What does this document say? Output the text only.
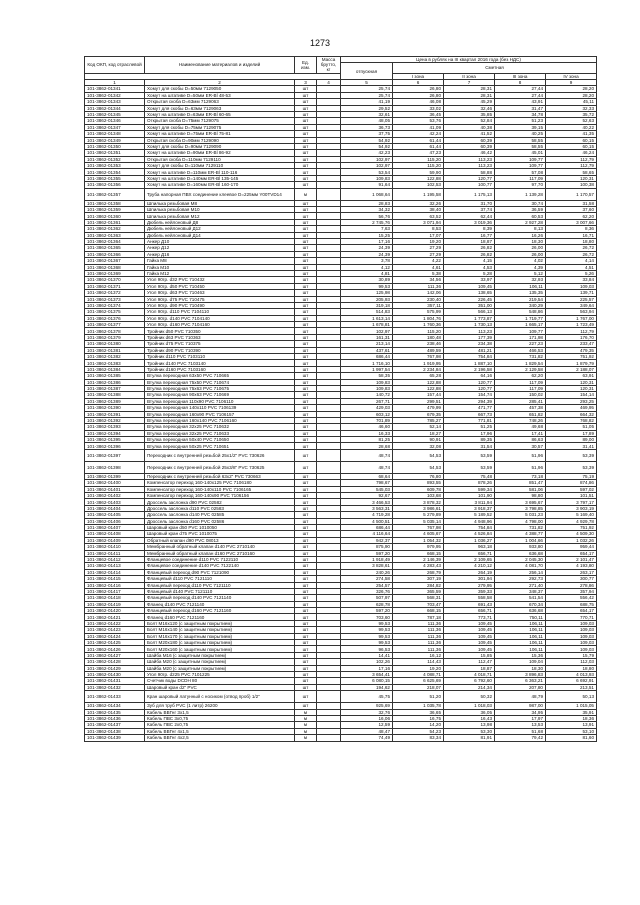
1273
Код ОКП, код отраслевой	Наименование материалов и изделий	Ед. изм.	Масса брутто, кг	Цена в рублях на III квартал 2016 года (без НДС)				
				отпускная	Сметная			
					I зона	II зона	III зона	IV зона
1	2	3	4	5	6	7	8	9
101-3862-01341	Хомут для скобы D=50мм 7129050	шт		25,74	26,80	28,31	27,44	28,20
101-3862-01342	Хомут на штативе D=50мм ER-Bl 48-53	шт		25,74	26,80	28,31	27,44	28,20
101-3862-01343	Открытая скоба D=63мм 7129063	шт		41,19	46,08	45,29	43,91	45,11
101-3862-01344	Хомут для скобы D=63мм 7129063	шт		29,52	33,02	32,46	31,47	32,33
101-3862-01345	Хомут на штативе D=63мм ER-Bl 60-65	шт		32,61	36,45	35,85	34,78	35,72
101-3862-01346	Открытая скоба D=75мм 7129075	шт		48,05	53,76	52,84	51,23	52,63
101-3862-01347	Хомут для скобы D=75мм 7129075	шт		36,73	41,09	40,38	39,15	40,22
101-3862-01348	Хомут на штативе D=75мм ER-Bl 75-81	шт		37,75	42,24	41,52	40,25	41,35
101-3862-01349	Открытая скоба D=90мм 7129090	шт		54,92	61,44	60,39	58,55	60,15
101-3862-01350	Хомут для скобы D=90мм 7129090	шт		54,92	61,44	60,39	58,55	60,15
101-3862-01351	Хомут на штативе D=90мм ER-Bl 86-92	шт		42,23	47,23	46,42	45,01	46,24
101-3862-01352	Открытая скоба D=110мм 7129110	шт		102,97	115,20	113,23	109,77	112,79
101-3862-01353	Хомут для скобы D=110мм 7129110	шт		102,97	115,20	113,23	109,77	112,79
101-3862-01354	Хомут на штативе D=110мм ER-Bl 110-116	шт		53,54	59,90	58,88	57,08	58,65
101-3862-01355	Хомут на штативе D=140мм ER-Bl 135-145	шт		109,83	122,88	120,77	117,09	120,31
101-3862-01356	Хомут на штативе D=160мм ER-Bl 160-170	шт		91,64	102,53	100,77	97,70	100,38
101-3862-01357	Труба напорная ПВХ соединение клеевое D=225мм Y00TVD14	м		1 068,64	1 195,58	1 175,13	1 139,28	1 170,57
101-3862-01358	Шпилька резьбовая М8	шт		28,83	32,26	31,70	30,74	31,58
101-3862-01359	Шпилька резьбовая М10	шт		34,32	38,40	37,74	36,59	37,60
101-3862-01360	Шпилька резьбовая М12	шт		56,76	63,52	62,44	60,53	62,20
101-3862-01361	Дюбель нейлоновый Д8	шт		2 745,76	3 071,94	3 019,36	2 927,28	3 007,66
101-3862-01362	Дюбель нейлоновый Д12	шт		7,63	8,53	8,39	8,13	8,36
101-3862-01363	Дюбель нейлоновый Д14	шт		15,25	17,07	16,77	16,26	16,71
101-3862-01364	Анкер Д10	шт		17,16	19,20	18,87	18,30	18,80
101-3862-01365	Анкер Д12	шт		24,39	27,29	26,82	26,00	26,72
101-3862-01366	Анкер Д16	шт		24,39	27,29	26,82	26,00	26,72
101-3862-01367	Гайка М8	шт		3,78	4,22	4,15	4,02	4,14
101-3862-01368	Гайка М10	шт		4,12	4,61	4,53	4,39	4,51
101-3862-01369	Гайка М12	шт		4,81	5,38	5,28	5,12	5,26
101-3862-01370	Угол 90гр. d32 PVC 710432	шт		30,89	34,56	33,97	32,93	33,84
101-3862-01371	Угол 90гр. d50 PVC 710450	шт		99,53	111,36	109,45	106,11	109,03
101-3862-01372	Угол 90гр. d63 PVC 710463	шт		125,98	142,06	138,65	135,35	139,71
101-3862-01373	Угол 90гр. d75 PVC 710475	шт		205,93	230,40	226,45	219,54	225,57
101-3862-01374	Угол 90гр. d90 PVC 710490	шт		319,18	357,11	351,00	340,29	349,64
101-3862-01375	Угол 90гр. d110 PVC 7104110	шт		514,83	575,99	566,13	548,86	563,94
101-3862-01376	Угол 90гр. d140 PVC 7104140	шт		1 613,14	1 804,76	1 773,87	1 719,77	1 767,00
101-3862-01377	Угол 90гр. d160 PVC 7104160	шт		1 678,81	1 760,36	1 730,13	1 665,17	1 723,49
101-3862-01378	Тройник d50 PVC 710350	шт		102,97	115,20	113,23	109,77	112,79
101-3862-01379	Тройник d63 PVC 710363	шт		161,31	180,48	177,39	171,98	176,70
101-3862-01380	Тройник d75 PVC 710375	шт		213,14	238,46	234,38	227,23	233,47
101-3862-01381	Тройник d90 PVC 710390	шт		437,61	489,59	481,21	466,53	479,35
101-3862-01382	Тройник d110 PVC 7103110	шт		686,44	767,98	754,84	731,82	751,92
101-3862-01383	Тройник d140 PVC 7103140	шт		1 716,10	1 919,95	1 887,10	1 829,54	1 879,79
101-3862-01384	Тройник d160 PVC 7103160	шт		1 997,54	2 234,84	2 196,58	2 129,58	2 188,07
101-3862-01385	Втулка переходная 63x50 PVC 710665	шт		58,35	65,28	64,16	62,20	63,91
101-3862-01386	Втулка переходная 75x50 PVC 710674	шт		109,83	122,88	120,77	117,09	120,31
101-3862-01387	Втулка переходная 75x63 PVC 710675	шт		109,83	122,88	120,77	117,09	120,31
101-3862-01388	Втулка переходная 90x63 PVC 710669	шт		140,72	157,44	154,74	150,02	154,14
101-3862-01389	Втулка переходная 110x90 PVC 7106110	шт		267,71	299,51	294,39	285,41	293,25
101-3862-01390	Втулка переходная 140x110 PVC 7106139	шт		429,03	479,99	471,77	457,38	469,95
101-3862-01391	Втулка переходная 160x90 PVC 7106157	шт		603,12	679,35	667,73	651,82	664,32
101-3862-01392	Втулка переходная 160x140 PVC 7106160	шт		701,89	785,27	771,81	748,26	768,82
101-3862-01393	Втулка переходная 32x25 PVC 710632	шт		46,60	52,14	51,25	49,68	51,05
101-3862-01394	Втулка переходная 32x25 PVC 710633	шт		16,33	18,27	17,96	17,41	17,89
101-3862-01395	Втулка переходная 50x40 PVC 710650	шт		81,25	90,91	89,35	86,63	89,00
101-3862-01396	Втулка переходная 50x25 PVC 710651	шт		28,68	32,08	31,54	30,57	31,41
101-3862-01397	Переходник с внутренней резьбой 25x1/2" PVC 730626	шт		48,74	54,53	53,59	51,96	53,39
101-3862-01398	Переходник с внутренней резьбой 25x3/8" PVC 730625	шт		48,74	54,53	53,59	51,96	53,39
101-3862-01399	Переходник с внутренней резьбой 63x2" PVC 730663	шт		68,64	76,80	75,48	73,18	75,19
101-3862-01400	Компенсатор переход 160-140x125 PVC 7106180	шт		798,67	893,55	878,26	851,47	874,86
101-3862-01401	Компенсатор переход 160-140x110 PVC 7106165	шт		545,03	609,78	599,34	581,06	597,02
101-3862-01402	Компенсатор переход 160-140x90 PVC 7106156	шт		92,67	103,68	101,90	98,80	101,51
101-3862-01403	Дроссель заслонка d90 PVC 02582	шт		3 466,53	3 878,32	3 811,94	3 695,67	3 797,17
101-3862-01404	Дроссель заслонка d110 PVC 02583	шт		3 563,31	3 986,61	3 918,37	3 798,85	3 903,19
101-3862-01405	Дроссель заслонка d140 PVC 02585	шт		4 719,28	5 279,89	5 189,52	5 031,23	5 169,40
101-3862-01406	Дроссель заслонка d160 PVC 02586	шт		4 500,51	5 035,14	4 948,96	4 798,00	4 929,78
101-3862-01407	Шаровый кран d50 PVC 1010050	шт		686,44	767,98	754,84	731,82	751,92
101-3862-01408	Шаровый кран d75 PVC 1010075	шт		4 116,64	4 605,67	4 526,84	4 388,77	4 509,30
101-3862-01409	Обратный клапан d90 PVC 08013	шт		942,37	1 054,32	1 036,27	1 004,66	1 032,26
101-3862-01410	Мембранный обратный клапан d140 PVC 2710140	шт		875,90	979,95	963,18	933,80	959,44
101-3862-01411	Мембранный обратный клапан d160 PVC 2710160	шт		597,20	668,15	656,71	636,68	654,17
101-3862-01412	Фланцевое соединение d110 PVC 7122110	шт		1 918,49	2 146,39	2 109,65	2 045,30	2 101,47
101-3862-01413	Фланцевое соединение d140 PVC 7122140	шт		3 828,61	4 283,43	4 210,12	4 081,70	4 193,80
101-3862-01414	Фланцевый переход d90 PVC 7121090	шт		240,26	268,79	264,19	256,14	263,17
101-3862-01415	Фланцевый d110 PVC 7121110	шт		274,58	307,19	301,94	292,73	300,77
101-3862-01416	Фланцевый переход d110 PVC 7121110	шт		254,57	284,82	279,95	271,40	278,86
101-3862-01417	Фланцевый d140 PVC 7121110	шт		326,76	365,59	359,33	348,37	357,94
101-3862-01418	Фланцевый переход d140 PVC 7121140	шт		507,97	568,31	558,58	541,54	556,42
101-3862-01419	Фланец d140 PVC 7121140	шт		628,78	703,47	691,43	670,34	688,75
101-3862-01420	Фланцевый переход d160 PVC 7121160	шт		597,20	668,15	656,71	636,68	654,17
101-3862-01421	Фланец d160 PVC 7121160	шт		703,60	787,18	773,71	750,11	770,71
101-3862-01422	Болт М16x120 (с защитным покрытием)	шт		99,53	111,36	109,45	106,11	109,03
101-3862-01423	Болт М16x140 (с защитным покрытием)	шт		99,53	111,36	109,45	106,11	109,03
101-3862-01424	Болт М16x170 (с защитным покрытием)	шт		99,53	111,36	109,45	106,11	109,03
101-3862-01425	Болт М20x180 (с защитным покрытием)	шт		99,53	111,36	109,45	106,11	109,03
101-3862-01426	Болт М20x160 (с защитным покрытием)	шт		96,53	111,36	109,45	106,11	109,03
101-3862-01427	Шайба М16 (с защитным покрытием)	шт		14,41	16,12	15,85	15,36	15,79
101-3862-01428	Шайба М20 (с защитным покрытием)	шт		102,26	114,43	112,47	109,04	112,03
101-3862-01429	Шайба М20 (с защитным покрытием)	шт		17,16	19,20	18,87	18,30	18,80
101-3862-01430	Угол 90гр. d225 PVC 7101225	шт		3 654,41	4 088,71	4 018,71	3 896,83	4 013,93
101-3862-01431	Счетчик воды DCDH 80	шт		6 080,15	6 625,69	6 792,60	6 363,21	6 692,91
101-3862-01432	Шаровый кран d2" PVC	шт		194,62	218,07	214,34	207,80	213,51
101-3862-01433	Кран шаровый латунный с носиком (отвод проб) 1/2"	шт		45,75	51,20	50,32	48,79	50,13
101-3862-01434	Зуб для труб PVC (1 литр) 26200	шт		925,69	1 035,78	1 018,03	987,00	1 015,05
101-3862-01435	Кабель ВВГнг 3x1,5	м		32,76	36,65	36,05	34,95	35,91
101-3862-01436	Кабель ПВС 3x0,75	м		16,06	16,75	16,43	17,97	18,36
101-3862-01437	Кабель ПВС 2x0,75	м		12,59	14,20	13,98	13,53	13,91
101-3862-01438	Кабель ВВГнг 4x1,5	м		48,47	54,23	53,30	51,68	53,10
101-3862-01439	Кабель ВВГнг 4x2,5	м		74,49	83,34	81,91	79,42	81,60
